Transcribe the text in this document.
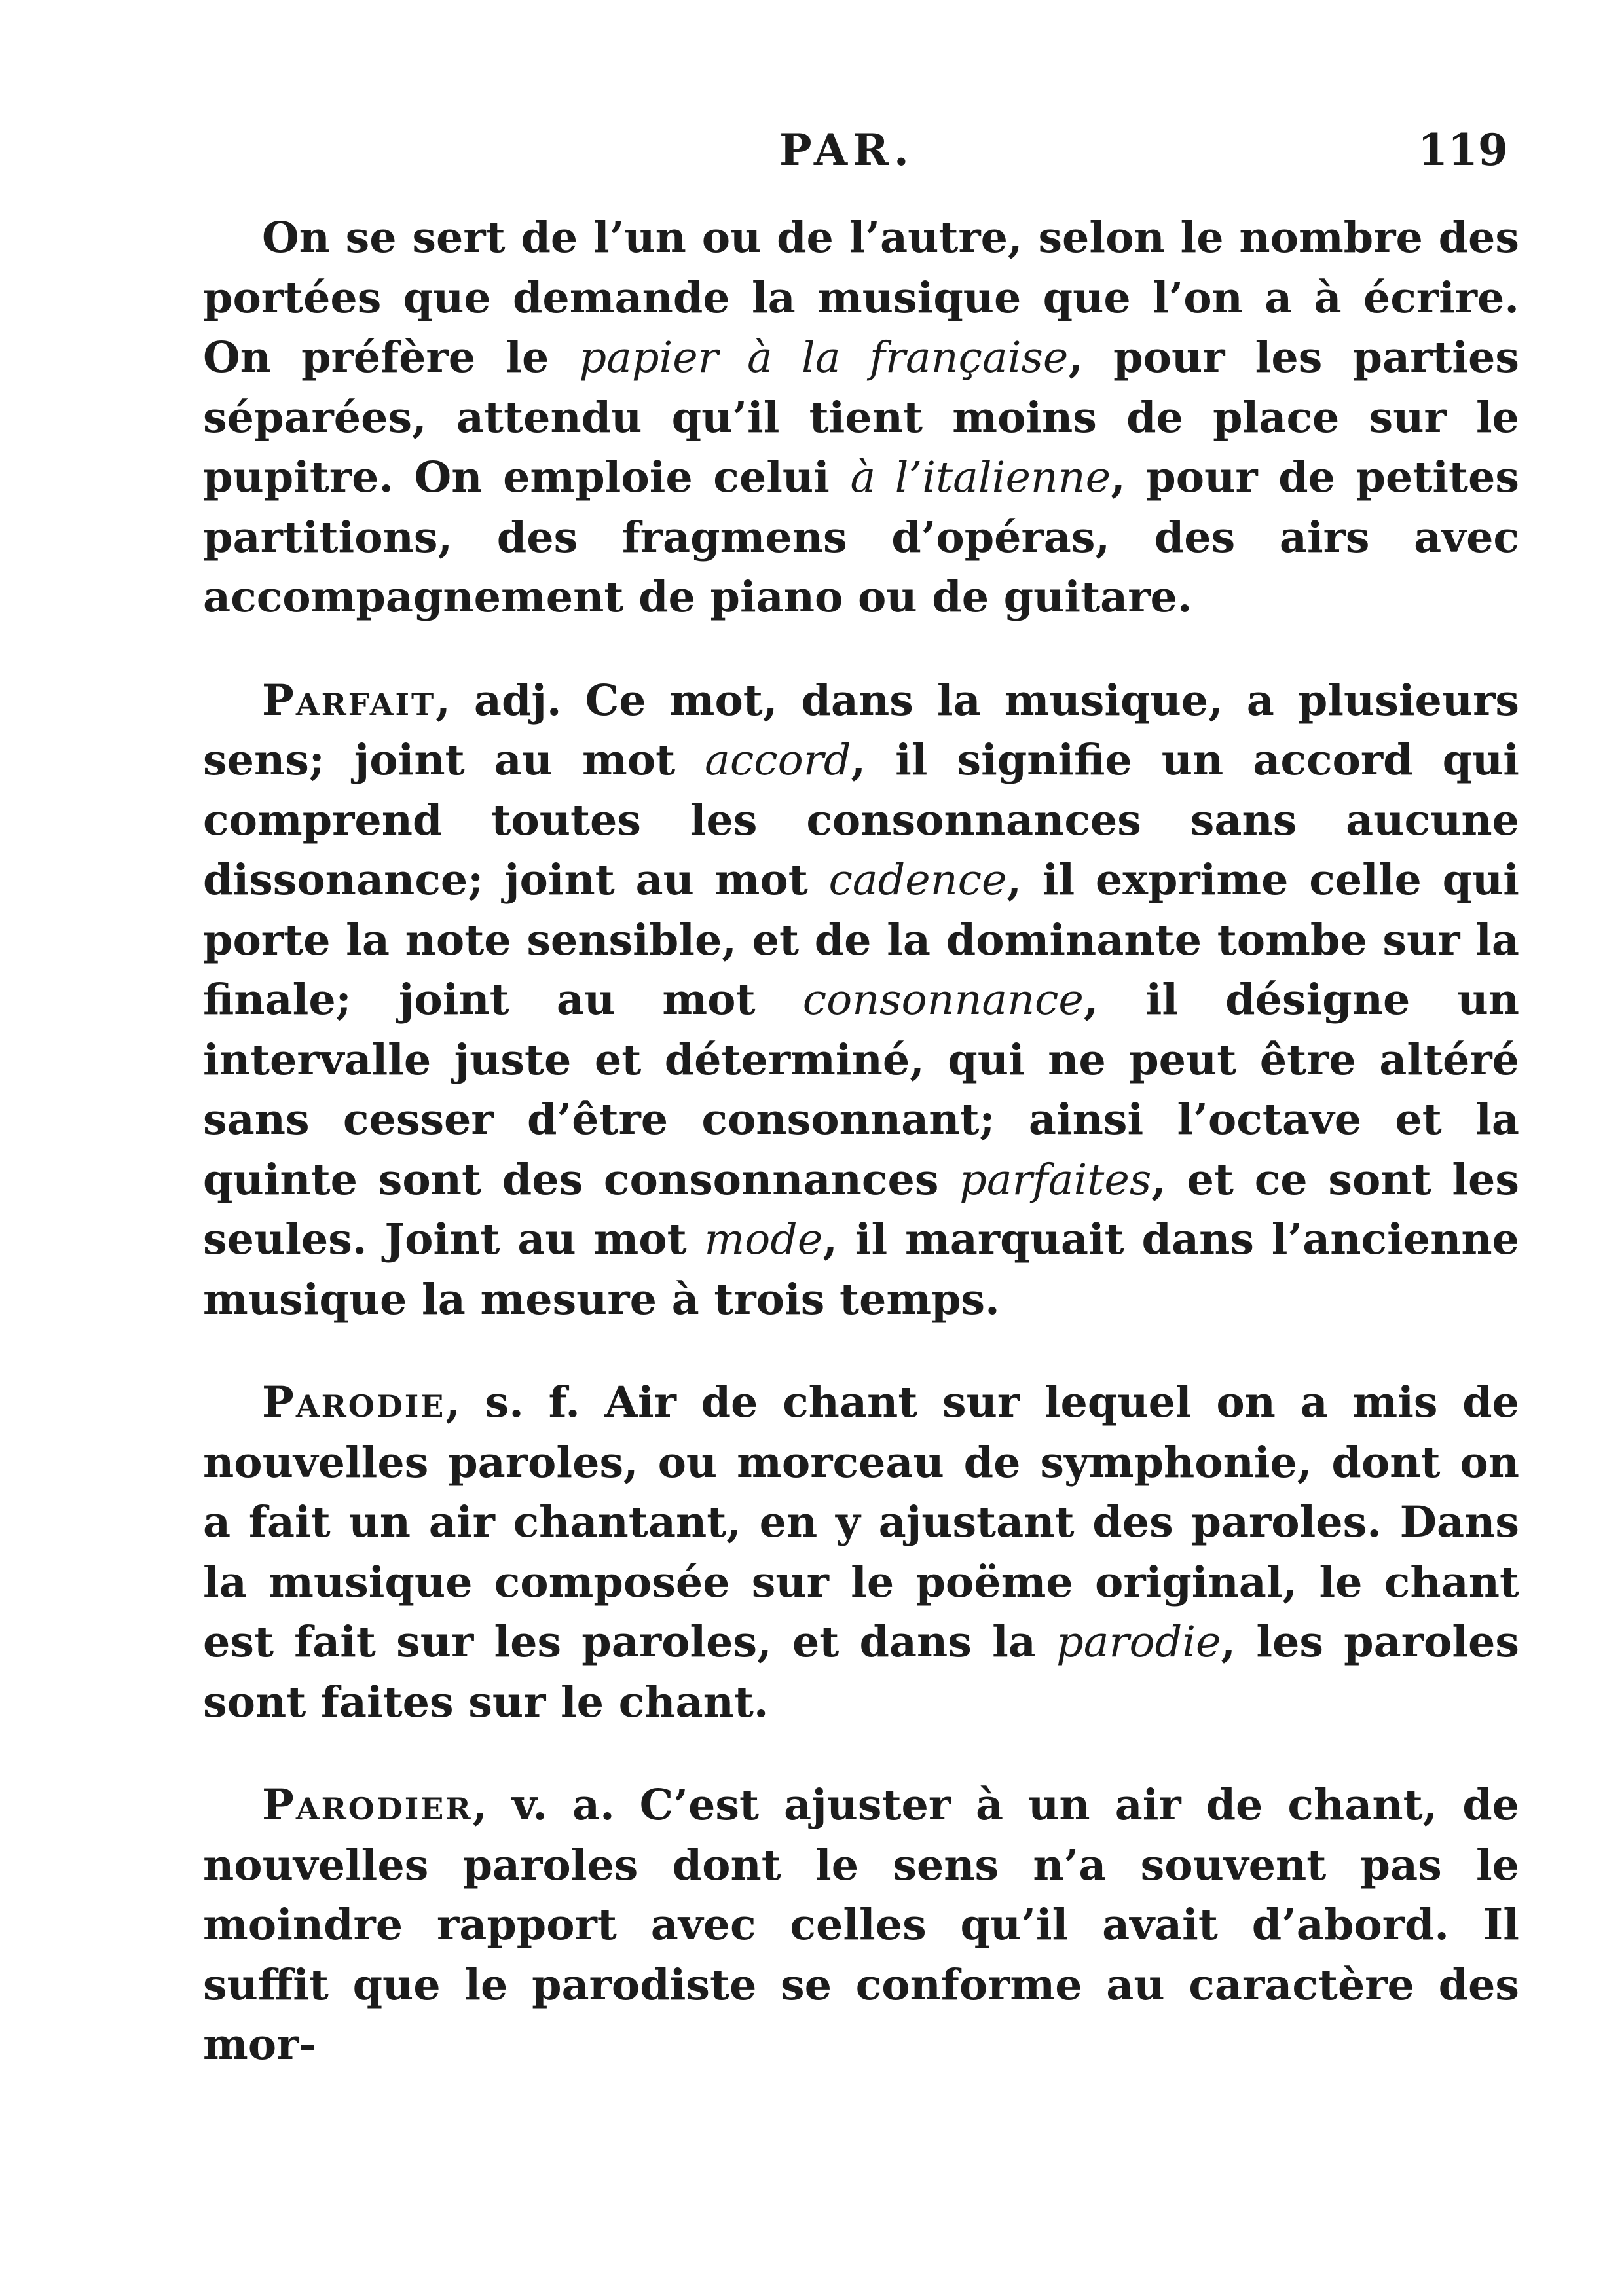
PAR.	119

On se sert de l’un ou de l’autre, selon le nombre des portées que demande la musique que l’on a à écrire. On préfère le papier à la française, pour les parties séparées, attendu qu’il tient moins de place sur le pupitre. On emploie celui à l’italienne, pour de petites partitions, des fragmens d’opéras, des airs avec accompagnement de piano ou de guitare.

Parfait, adj. Ce mot, dans la musique, a plusieurs sens; joint au mot accord, il signifie un accord qui comprend toutes les consonnances sans aucune dissonance; joint au mot cadence, il exprime celle qui porte la note sensible, et de la dominante tombe sur la finale; joint au mot consonnance, il désigne un intervalle juste et déterminé, qui ne peut être altéré sans cesser d’être consonnant; ainsi l’octave et la quinte sont des consonnances parfaites, et ce sont les seules. Joint au mot mode, il marquait dans l’ancienne musique la mesure à trois temps.

Parodie, s. f. Air de chant sur lequel on a mis de nouvelles paroles, ou morceau de symphonie, dont on a fait un air chantant, en y ajustant des paroles. Dans la musique composée sur le poëme original, le chant est fait sur les paroles, et dans la parodie, les paroles sont faites sur le chant.

Parodier, v. a. C’est ajuster à un air de chant, de nouvelles paroles dont le sens n’a souvent pas le moindre rapport avec celles qu’il avait d’abord. Il suffit que le parodiste se conforme au caractère des mor-
